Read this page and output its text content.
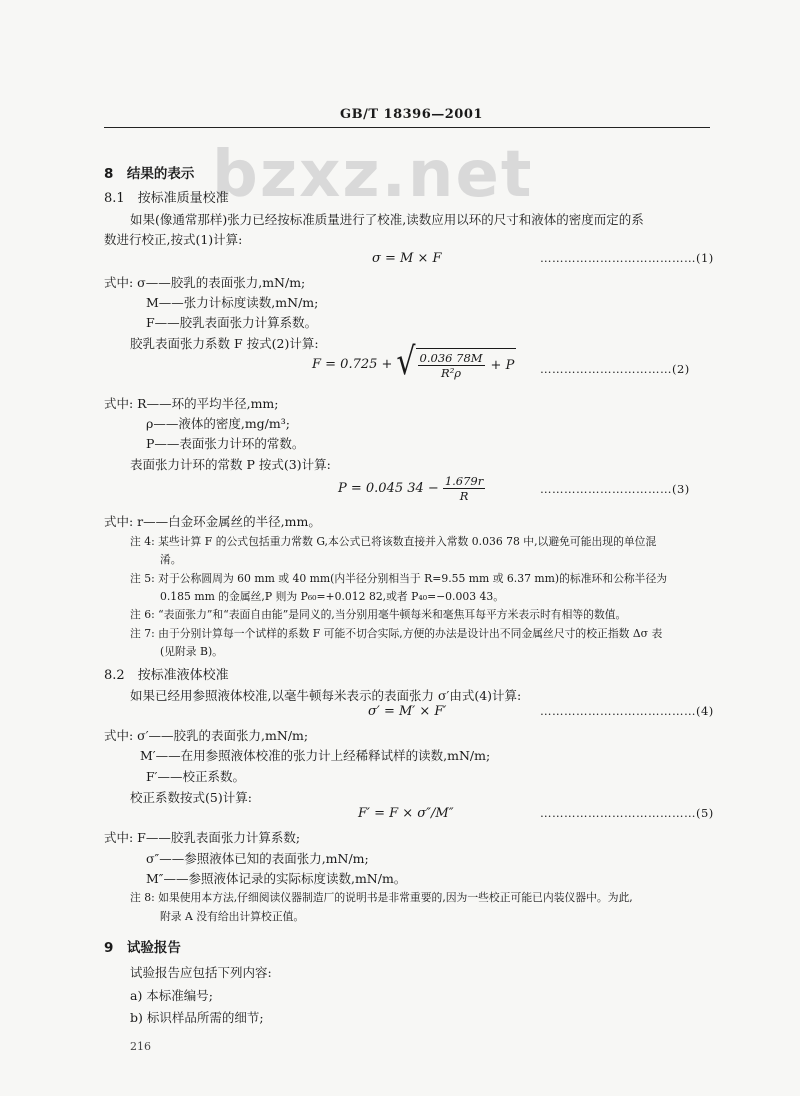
GB/T 18396—2001
bzxz.net
8　结果的表示
8.1　按标准质量校准
如果(像通常那样)张力已经按标准质量进行了校准,读数应用以环的尺寸和液体的密度而定的系
数进行校正,按式(1)计算:
σ = M × F	…………………………………(1)
式中: σ——胶乳的表面张力,mN/m;
M——张力计标度读数,mN/m;
F——胶乳表面张力计算系数。
胶乳表面张力系数 F 按式(2)计算:
F = 0.725 + √ $\frac{0.036 78M}{\text{R²ρ}} + P$ ……………………………(2)
式中: R——环的平均半径,mm;
ρ——液体的密度,mg/m³;
P——表面张力计环的常数。
表面张力计环的常数 P 按式(3)计算:
P = 0.045 $34 - \frac{1.679r}{R}$	……………………………(3)
式中: r——白金环金属丝的半径,mm。
注 4: 某些计算 F 的公式包括重力常数 G,本公式已将该数直接并入常数 0.036 78 中,以避免可能出现的单位混
淆。
注 5: 对于公称圆周为 60 mm 或 40 mm(内半径分别相当于 R=9.55 mm 或 6.37 mm)的标准环和公称半径为
0.185 mm 的金属丝,P 则为 P₆₀=+0.012 82,或者 P₄₀=−0.003 43。
注 6: “表面张力”和“表面自由能”是同义的,当分别用毫牛顿每米和毫焦耳每平方米表示时有相等的数值。
注 7: 由于分别计算每一个试样的系数 F 可能不切合实际,方便的办法是设计出不同金属丝尺寸的校正指数 Δσ 表
(见附录 B)。
8.2　按标准液体校准
如果已经用参照液体校准,以毫牛顿每米表示的表面张力 σ′由式(4)计算:
σ′ = M′ × F′	…………………………………(4)
式中: σ′——胶乳的表面张力,mN/m;
M′——在用参照液体校准的张力计上经稀释试样的读数,mN/m;
F′——校正系数。
校正系数按式(5)计算:
F′ = F × σ″/M″	…………………………………(5)
式中: F——胶乳表面张力计算系数;
σ″——参照液体已知的表面张力,mN/m;
M″——参照液体记录的实际标度读数,mN/m。
注 8: 如果使用本方法,仔细阅读仪器制造厂的说明书是非常重要的,因为一些校正可能已内装仪器中。为此,
附录 A 没有给出计算校正值。
9　试验报告
试验报告应包括下列内容:
a) 本标准编号;
b) 标识样品所需的细节;
216
